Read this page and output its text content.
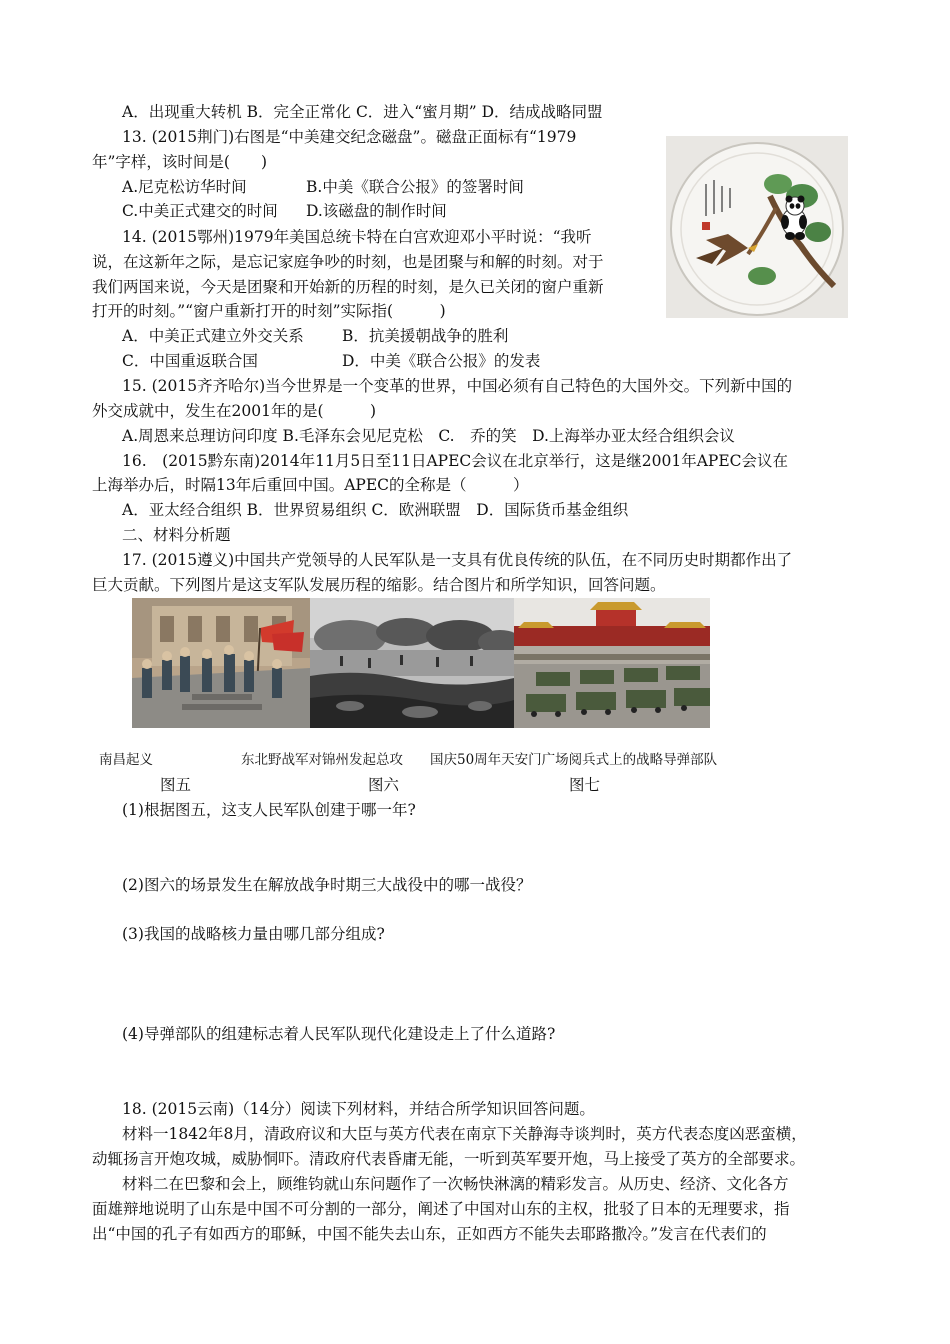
A．出现重大转机 B．完全正常化 C．进入“蜜月期” D．结成战略同盟
13. (2015荆门)右图是“中美建交纪念磁盘”。磁盘正面标有“1979
年”字样，该时间是(　　)
A.尼克松访华时间	B.中美《联合公报》的签署时间
C.中美正式建交的时间 D.该磁盘的制作时间
14. (2015鄂州)1979年美国总统卡特在白宫欢迎邓小平时说：“我听
说，在这新年之际，是忘记家庭争吵的时刻，也是团聚与和解的时刻。对于
我们两国来说，今天是团聚和开始新的历程的时刻，是久已关闭的窗户重新
打开的时刻。”“窗户重新打开的时刻”实际指(　　　)
A．中美正式建立外交关系 B．抗美援朝战争的胜利
C．中国重返联合国	D．中美《联合公报》的发表
15. (2015齐齐哈尔)当今世界是一个变革的世界，中国必须有自己特色的大国外交。下列新中国的
外交成就中，发生在2001年的是(　　　)
A.周恩来总理访问印度 B.毛泽东会见尼克松　C.　乔的笑　D.上海举办亚太经合组织会议
16.　(2015黔东南)2014年11月5日至11日APEC会议在北京举行，这是继2001年APEC会议在
上海举办后，时隔13年后重回中国。APEC的全称是（　　　）
A．亚太经合组织 B．世界贸易组织 C．欧洲联盟　D．国际货币基金组织
二、材料分析题
17. (2015遵义)中国共产党领导的人民军队是一支具有优良传统的队伍，在不同历史时期都作出了
巨大贡献。下列图片是这支军队发展历程的缩影。结合图片和所学知识，回答问题。
南昌起义	东北野战军对锦州发起总攻 国庆50周年天安门广场阅兵式上的战略导弹部队
图五	图六	图七
(1)根据图五，这支人民军队创建于哪一年?
(2)图六的场景发生在解放战争时期三大战役中的哪一战役？
(3)我国的战略核力量由哪几部分组成?
(4)导弹部队的组建标志着人民军队现代化建设走上了什么道路?
18. (2015云南)（14分）阅读下列材料，并结合所学知识回答问题。
材料一1842年8月，清政府议和大臣与英方代表在南京下关静海寺谈判时，英方代表态度凶恶蛮横，
动辄扬言开炮攻城，威胁恫吓。清政府代表昏庸无能，一听到英军要开炮，马上接受了英方的全部要求。
材料二在巴黎和会上，顾维钧就山东问题作了一次畅快淋漓的精彩发言。从历史、经济、文化各方
面雄辩地说明了山东是中国不可分割的一部分，阐述了中国对山东的主权，批驳了日本的无理要求，指
出“中国的孔子有如西方的耶稣，中国不能失去山东，正如西方不能失去耶路撒冷。”发言在代表们的
